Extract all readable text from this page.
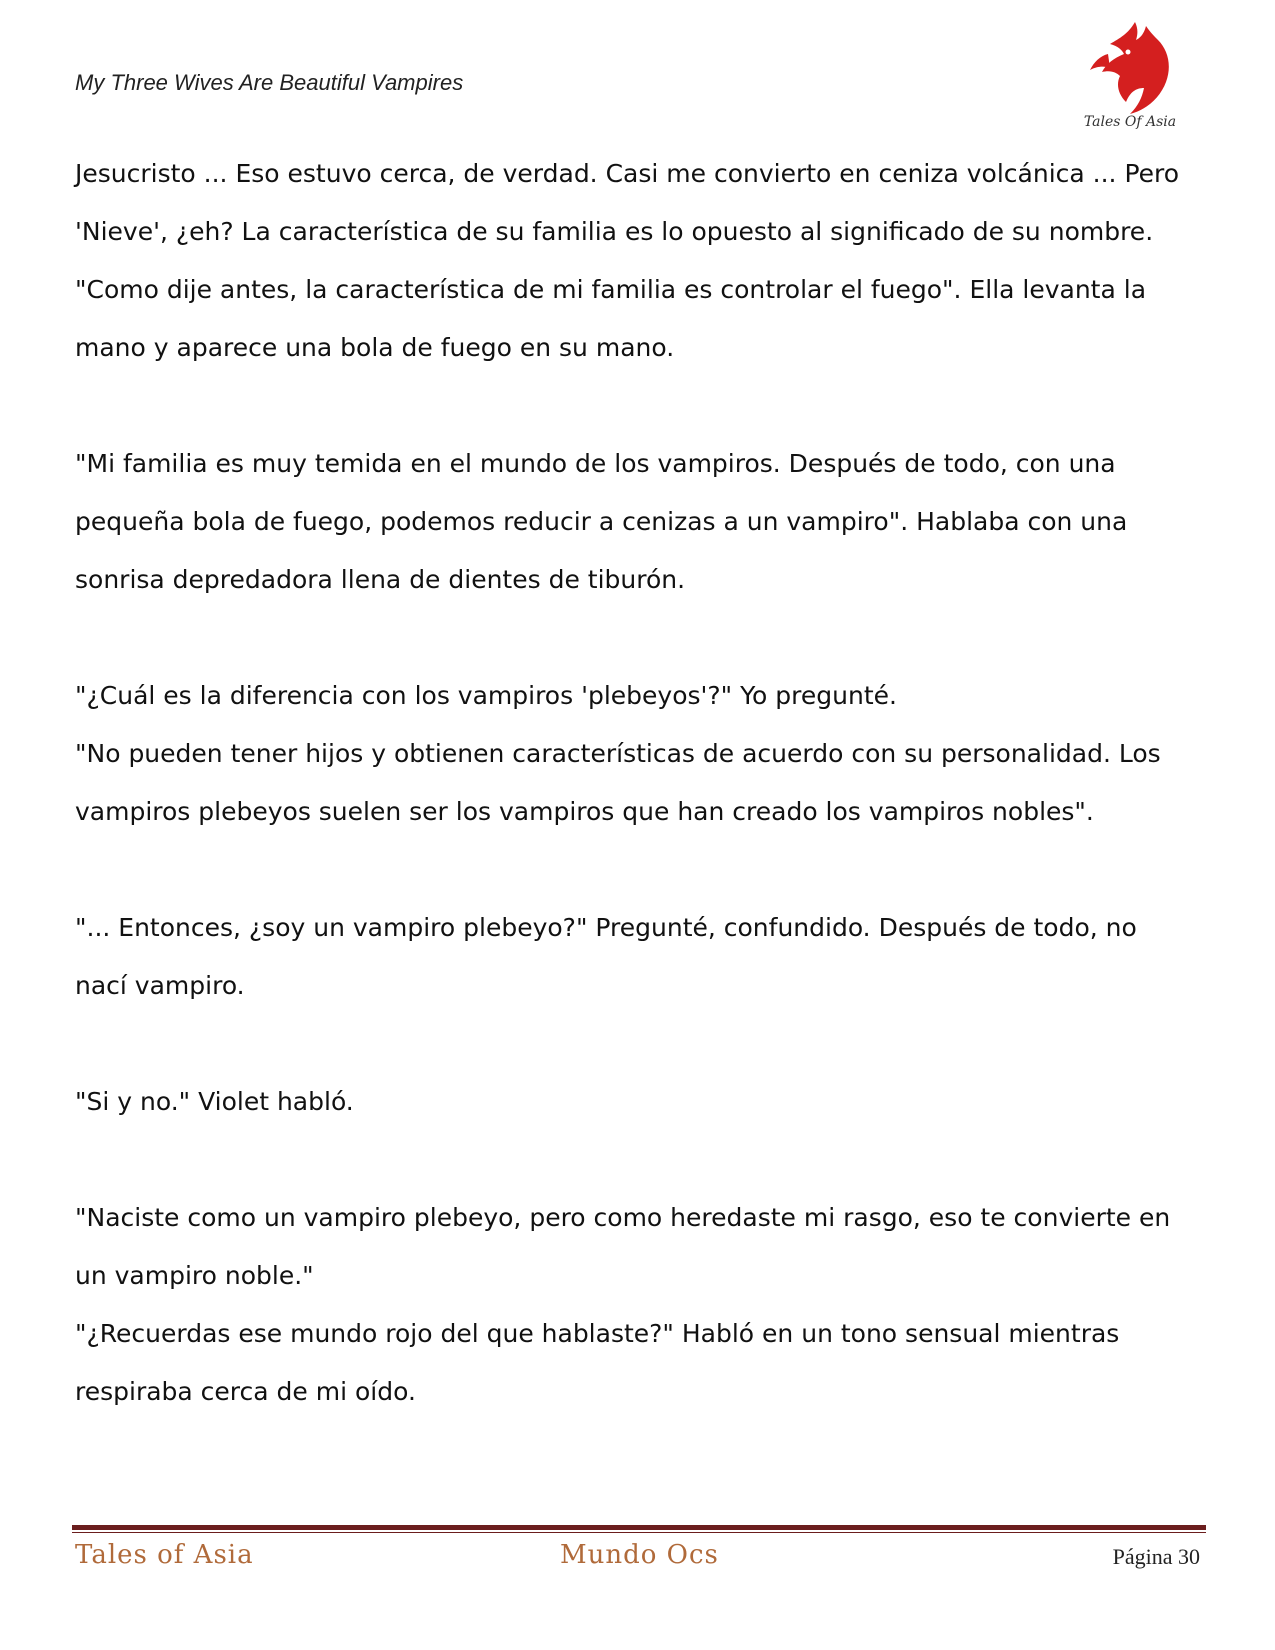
My Three Wives Are Beautiful Vampires
Tales Of Asia
Jesucristo ... Eso estuvo cerca, de verdad. Casi me convierto en ceniza volcánica ... Pero
'Nieve', ¿eh? La característica de su familia es lo opuesto al significado de su nombre.
"Como dije antes, la característica de mi familia es controlar el fuego". Ella levanta la
mano y aparece una bola de fuego en su mano.
"Mi familia es muy temida en el mundo de los vampiros. Después de todo, con una
pequeña bola de fuego, podemos reducir a cenizas a un vampiro". Hablaba con una
sonrisa depredadora llena de dientes de tiburón.
"¿Cuál es la diferencia con los vampiros 'plebeyos'?" Yo pregunté.
"No pueden tener hijos y obtienen características de acuerdo con su personalidad. Los
vampiros plebeyos suelen ser los vampiros que han creado los vampiros nobles".
"... Entonces, ¿soy un vampiro plebeyo?" Pregunté, confundido. Después de todo, no
nací vampiro.
"Si y no." Violet habló.
"Naciste como un vampiro plebeyo, pero como heredaste mi rasgo, eso te convierte en
un vampiro noble."
"¿Recuerdas ese mundo rojo del que hablaste?" Habló en un tono sensual mientras
respiraba cerca de mi oído.
Tales of Asia	Mundo Ocs	Página 30
